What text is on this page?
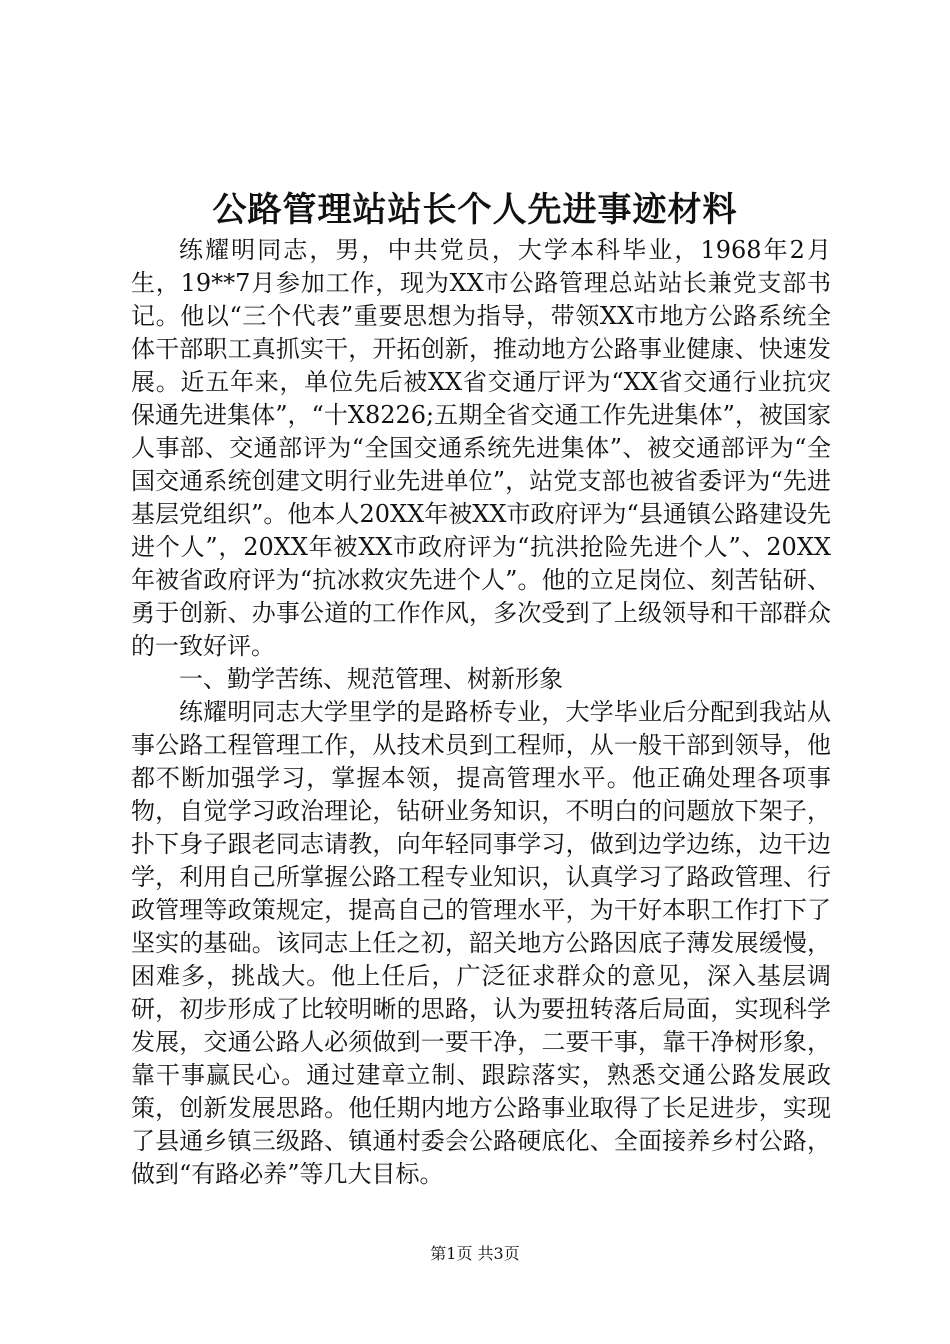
公路管理站站长个人先进事迹材料

练耀明同志，男，中共党员，大学本科毕业，1968年2月生，19**7月参加工作，现为XX市公路管理总站站长兼党支部书记。他以“三个代表”重要思想为指导，带领XX市地方公路系统全体干部职工真抓实干，开拓创新，推动地方公路事业健康、快速发展。近五年来，单位先后被XX省交通厅评为“XX省交通行业抗灾保通先进集体”，“十X8226;五期全省交通工作先进集体”，被国家人事部、交通部评为“全国交通系统先进集体”、被交通部评为“全国交通系统创建文明行业先进单位”，站党支部也被省委评为“先进基层党组织”。他本人20XX年被XX市政府评为“县通镇公路建设先进个人”，20XX年被XX市政府评为“抗洪抢险先进个人”、20XX年被省政府评为“抗冰救灾先进个人”。他的立足岗位、刻苦钻研、勇于创新、办事公道的工作作风，多次受到了上级领导和干部群众的一致好评。

一、勤学苦练、规范管理、树新形象

练耀明同志大学里学的是路桥专业，大学毕业后分配到我站从事公路工程管理工作，从技术员到工程师，从一般干部到领导，他都不断加强学习，掌握本领，提高管理水平。他正确处理各项事物，自觉学习政治理论，钻研业务知识，不明白的问题放下架子，扑下身子跟老同志请教，向年轻同事学习，做到边学边练，边干边学，利用自己所掌握公路工程专业知识，认真学习了路政管理、行政管理等政策规定，提高自己的管理水平，为干好本职工作打下了坚实的基础。该同志上任之初，韶关地方公路因底子薄发展缓慢，困难多，挑战大。他上任后，广泛征求群众的意见，深入基层调研，初步形成了比较明晰的思路，认为要扭转落后局面，实现科学发展，交通公路人必须做到一要干净，二要干事，靠干净树形象，靠干事赢民心。通过建章立制、跟踪落实，熟悉交通公路发展政策，创新发展思路。他任期内地方公路事业取得了长足进步，实现了县通乡镇三级路、镇通村委会公路硬底化、全面接养乡村公路，做到“有路必养”等几大目标。

第1页 共3页
